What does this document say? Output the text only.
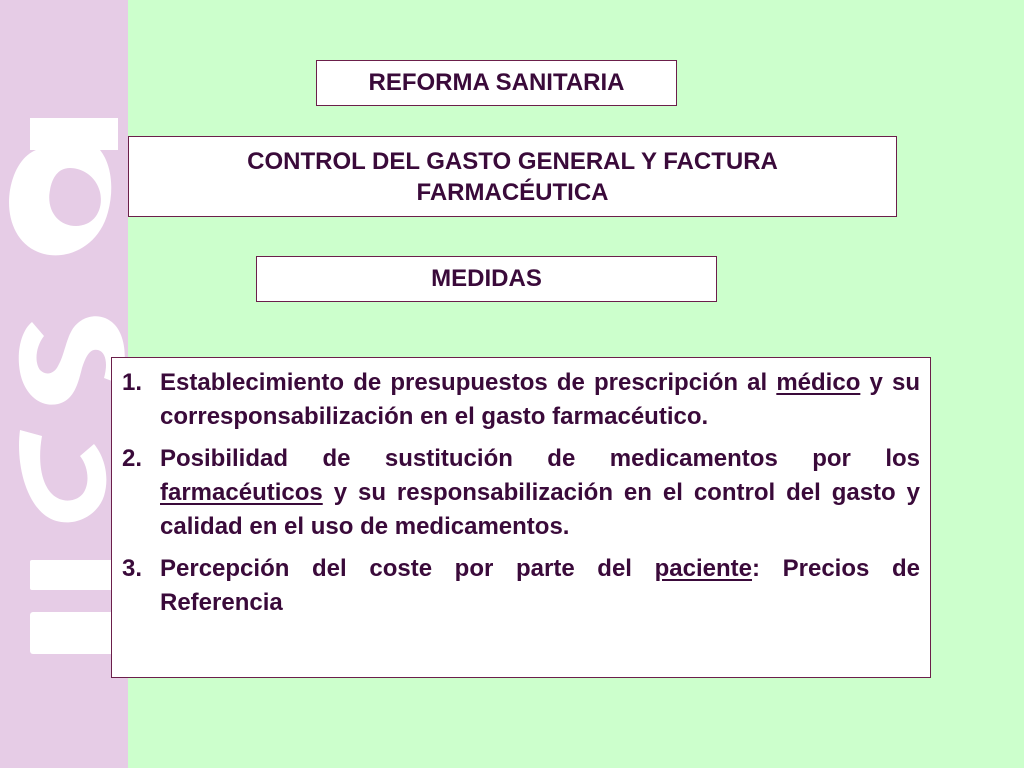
REFORMA SANITARIA
CONTROL DEL GASTO GENERAL Y FACTURA FARMACÉUTICA
MEDIDAS
1. Establecimiento de presupuestos de prescripción al médico y su corresponsabilización en el gasto farmacéutico.
2. Posibilidad de sustitución de medicamentos por los farmacéuticos y su responsabilización en el control del gasto y calidad en el uso de medicamentos.
3. Percepción del coste por parte del paciente: Precios de Referencia
